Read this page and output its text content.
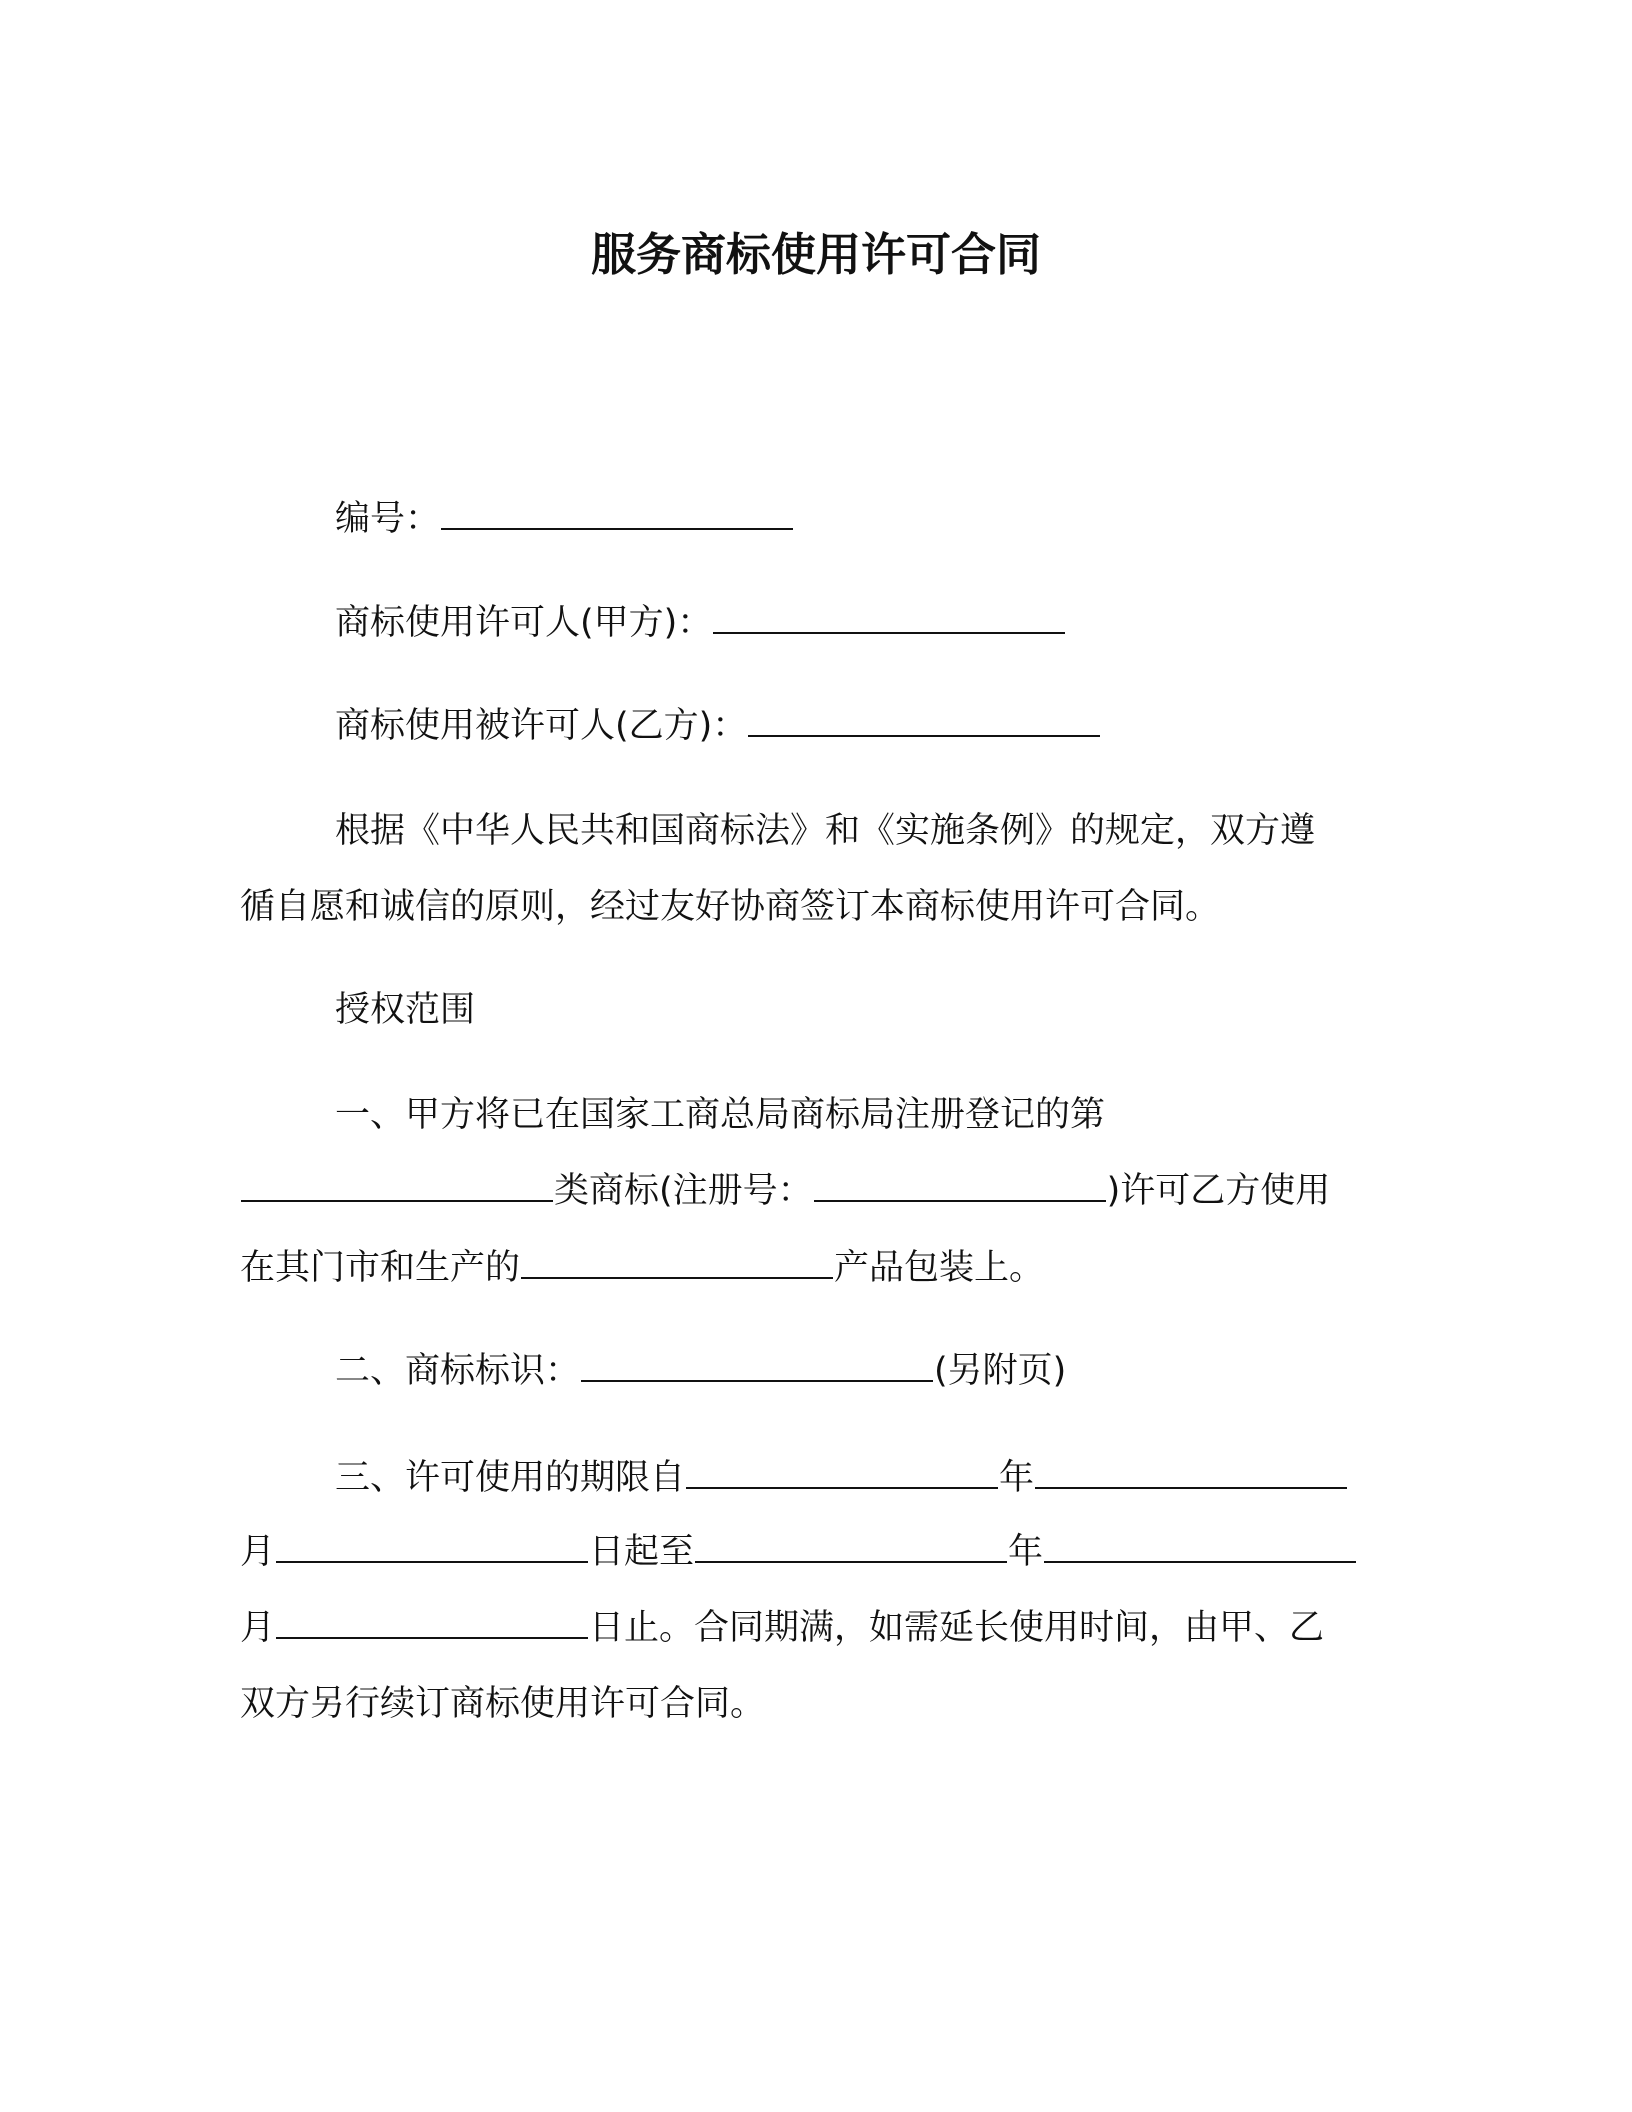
服务商标使用许可合同
编号：
商标使用许可人(甲方)：
商标使用被许可人(乙方)：
根据《中华人民共和国商标法》和《实施条例》的规定，双方遵
循自愿和诚信的原则，经过友好协商签订本商标使用许可合同。
授权范围
一、甲方将已在国家工商总局商标局注册登记的第
类商标(注册号：	)许可乙方使用
在其门市和生产的	产品包装上。
二、商标标识：	(另附页)
三、许可使用的期限自	年
月	日起至	年
月	日止。合同期满，如需延长使用时间，由甲、乙
双方另行续订商标使用许可合同。
